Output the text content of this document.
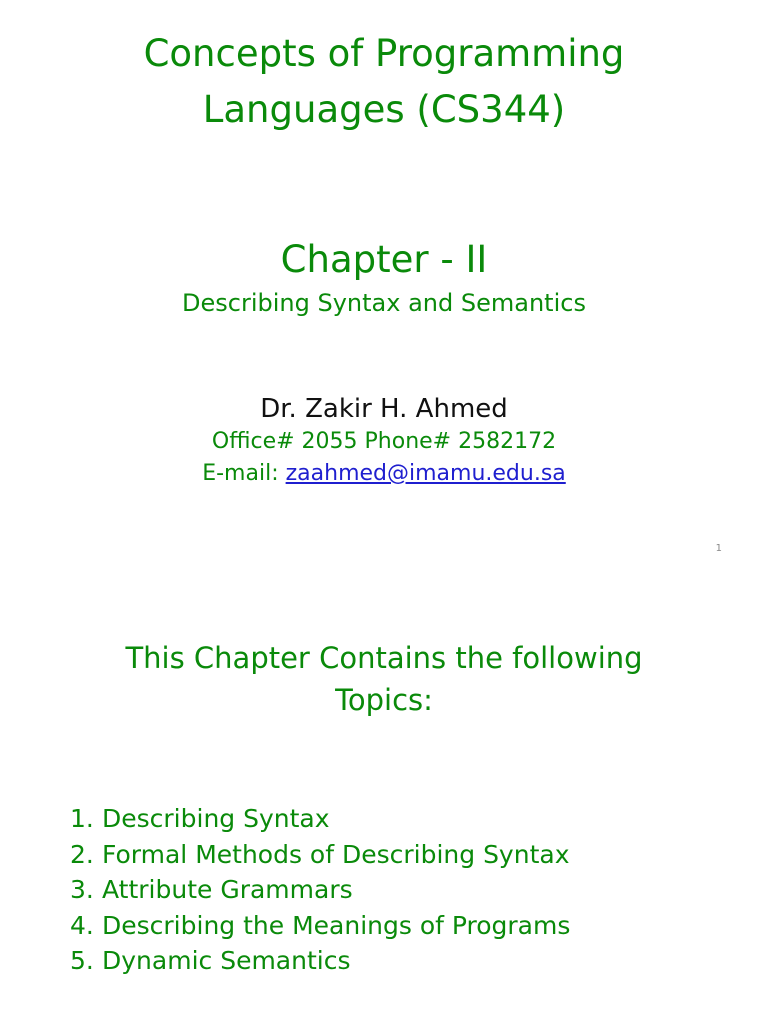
Concepts of Programming
Languages (CS344)
Chapter - II
Describing Syntax and Semantics
Dr. Zakir H. Ahmed
Office# 2055 Phone# 2582172
E-mail: zaahmed@imamu.edu.sa
1
This Chapter Contains the following
Topics:
1. Describing Syntax
2. Formal Methods of Describing Syntax
3. Attribute Grammars
4. Describing the Meanings of Programs
5. Dynamic Semantics
